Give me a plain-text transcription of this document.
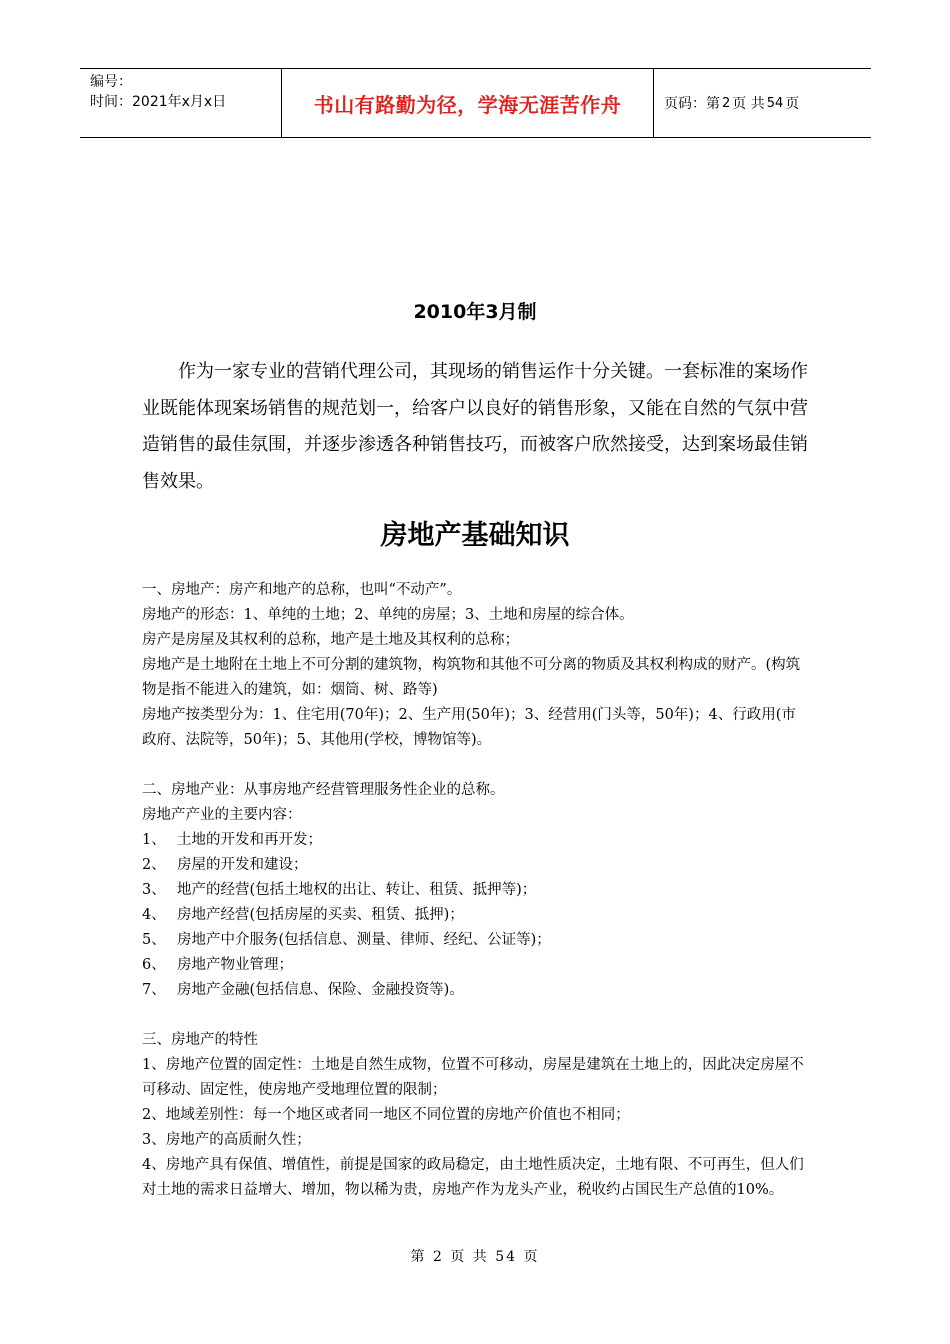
编号：
时间：2021年x月x日	书山有路勤为径，学海无涯苦作舟	页码：第 2 页 共 54 页
2010年3月制

作为一家专业的营销代理公司，其现场的销售运作十分关键。一套标准的案场作业既能体现案场销售的规范划一，给客户以良好的销售形象，又能在自然的气氛中营造销售的最佳氛围，并逐步渗透各种销售技巧，而被客户欣然接受，达到案场最佳销售效果。

房地产基础知识

一、房地产：房产和地产的总称，也叫“不动产”。

房地产的形态：1、单纯的土地；2、单纯的房屋；3、土地和房屋的综合体。

房产是房屋及其权利的总称，地产是土地及其权利的总称；

房地产是土地附在土地上不可分割的建筑物，构筑物和其他不可分离的物质及其权利构成的财产。(构筑物是指不能进入的建筑，如：烟筒、树、路等)

房地产按类型分为：1、住宅用(70年)；2、生产用(50年)；3、经营用(门头等，50年)；4、行政用(市政府、法院等，50年)；5、其他用(学校，博物馆等)。

二、房地产业：从事房地产经营管理服务性企业的总称。

房地产产业的主要内容：

1、 土地的开发和再开发；

2、 房屋的开发和建设；

3、 地产的经营(包括土地权的出让、转让、租赁、抵押等)；

4、 房地产经营(包括房屋的买卖、租赁、抵押)；

5、 房地产中介服务(包括信息、测量、律师、经纪、公证等)；

6、 房地产物业管理；

7、 房地产金融(包括信息、保险、金融投资等)。

三、房地产的特性

1、房地产位置的固定性：土地是自然生成物，位置不可移动，房屋是建筑在土地上的，因此决定房屋不可移动、固定性，使房地产受地理位置的限制；

2、地域差别性：每一个地区或者同一地区不同位置的房地产价值也不相同；

3、房地产的高质耐久性；

4、房地产具有保值、增值性，前提是国家的政局稳定，由土地性质决定，土地有限、不可再生，但人们对土地的需求日益增大、增加，物以稀为贵，房地产作为龙头产业，税收约占国民生产总值的10%。

第 2 页 共 54 页
